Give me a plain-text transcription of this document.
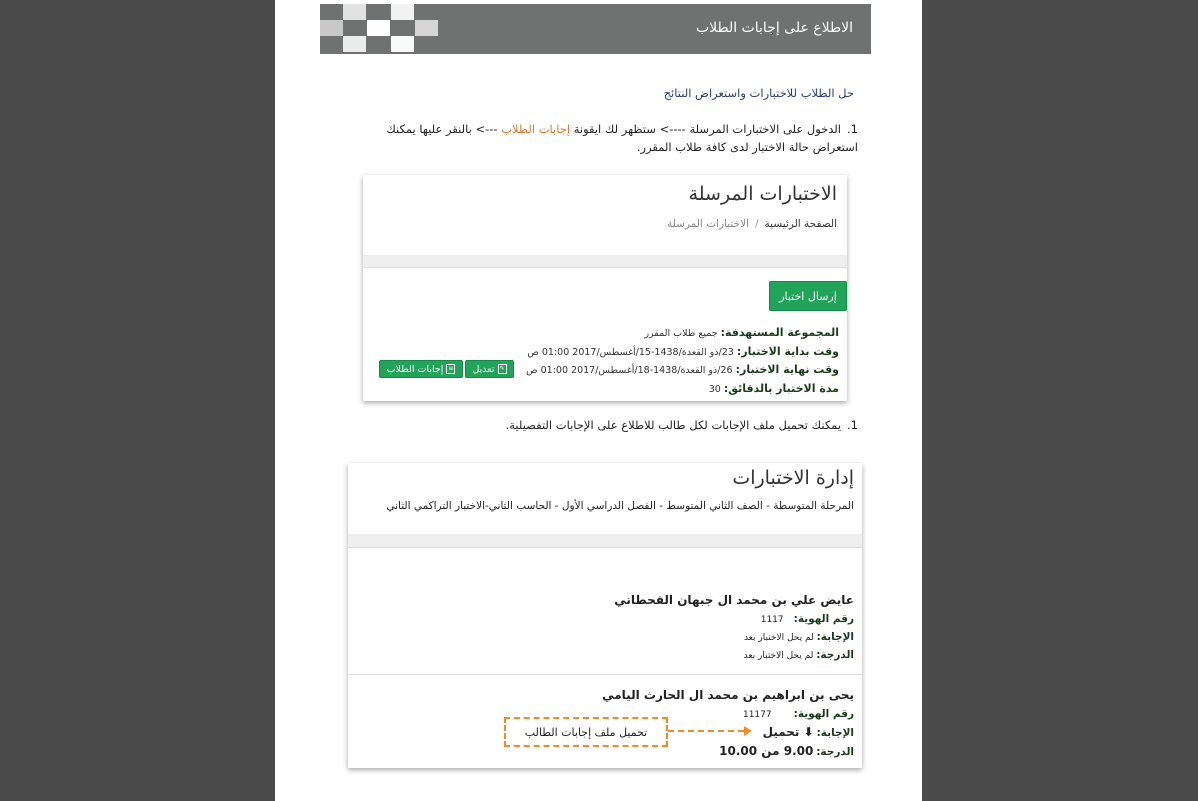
الاطلاع على إجابات الطلاب
حل الطلاب للاختبارات واستعراض النتائج
1.الدخول على الاختبارات المرسلة ----> ستظهر لك ايقونة إجابات الطلاب ---> بالنقر عليها يمكنك استعراض حالة الاختبار لدى كافة طلاب المقرر.
الاختبارات المرسلة
الصفحة الرئيسية/الاختبارات المرسلة
إرسال اختبار
المجموعة المستهدفة: جميع طلاب المقرر
وقت بداية الاختبار: 23/ذو القعدة/1438-15/أغسطس/2017 01:00 ص
وقت نهاية الاختبار: 26/ذو القعدة/1438-18/أغسطس/2017 01:00 ص
مدة الاختبار بالدقائق: 30
✎
تعديل
≡
إجابات الطلاب
1.يمكنك تحميل ملف الإجابات لكل طالب للاطلاع على الإجابات التفصيلية.
إدارة الاختبارات
المرحلة المتوسطة - الصف الثاني المتوسط - الفصل الدراسي الأول - الحاسب الثاني-الاختبار التراكمي الثاني
عايض علي بن محمد ال جبهان القحطاني
رقم الهوية:1117
الإجابة: لم يحل الاختبار بعد
الدرجة: لم يحل الاختبار بعد
يحى بن ابراهيم بن محمد ال الحارث اليامي
رقم الهوية:11177
الإجابة: ⬇ تحميل
الدرجة: 9.00 من 10.00
تحميل ملف إجابات الطالب
